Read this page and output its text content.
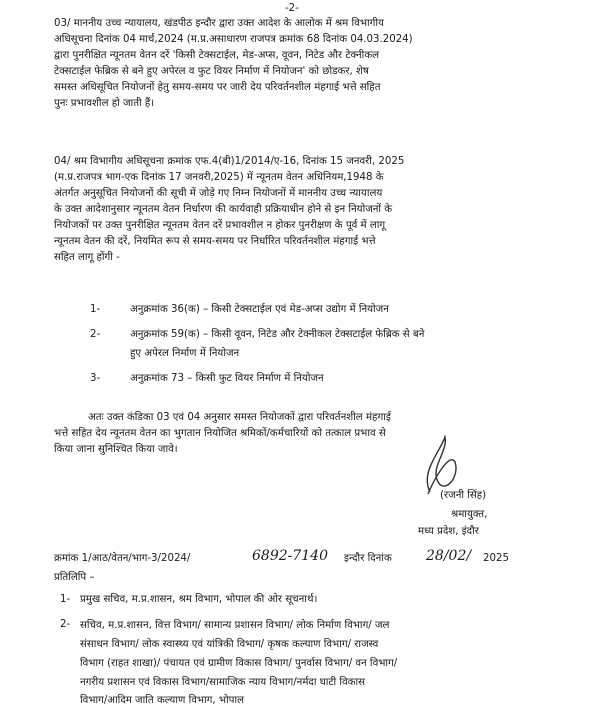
-2-
03/ माननीय उच्च न्यायालय, खंडपीठ इन्दौर द्वारा उक्त आदेश के आलोक में श्रम विभागीय
अधिसूचना दिनांक 04 मार्च,2024 (म.प्र.असाधारण राजपत्र क्रमांक 68 दिनांक 04.03.2024)
द्वारा पुनरीक्षित न्यूनतम वेतन दरें 'किसी टेक्सटाईल, मेड-अप्स, वूवन, निटेड और टेक्नीकल
टेक्सटाईल फेब्रिक से बने हुए अपेरल व फुट वियर निर्माण में नियोजन' को छोडकर, शेष
समस्त अधिसूचित नियोजनों हेतु समय-समय पर जारी देय परिवर्तनशील मंहगाई भत्ते सहित
पुनः प्रभावशील हो जाती हैं।
04/ श्रम विभागीय अधिसूचना क्रमांक एफ.4(बी)1/2014/ए-16, दिनांक 15 जनवरी, 2025
(म.प्र.राजपत्र भाग-एक दिनांक 17 जनवरी,2025) में न्यूनतम वेतन अधिनियम,1948 के
अंतर्गत अनुसूचित नियोजनों की सूची में जोड़े गए निम्न नियोजनों में माननीय उच्च न्यायालय
के उक्त आदेशानुसार न्यूनतम वेतन निर्धारण की कार्यवाही प्रक्रियाधीन होने से इन नियोजनों के
नियोजकों पर उक्त पुनरीक्षित न्यूनतम वेतन दरें प्रभावशील न होकर पुनरीक्षण के पूर्व में लागू
न्यूनतम वेतन की दरें, नियमित रूप से समय-समय पर निर्धारित परिवर्तनशील मंहगाई भत्ते
सहित लागू होंगी -
1-	अनुक्रमांक 36(क) – किसी टेक्सटाईल एवं मेड-अप्स उद्योग में नियोजन
2-	अनुक्रमांक 59(क) – किसी वूवन, निटेड और टेक्नीकल टेक्सटाईल फेब्रिक से बने
हुए अपेरल निर्माण में नियोजन
3-	अनुक्रमांक 73 – किसी फुट वियर निर्माण में नियोजन
अतः उक्त कंडिका 03 एवं 04 अनुसार समस्त नियोजकों द्वारा परिवर्तनशील मंहगाई
भत्ते सहित देय न्यूनतम वेतन का भुगतान नियोजित श्रमिकों/कर्मचारियों को तत्काल प्रभाव से
किया जाना सुनिश्चित किया जावे।
(रजनी सिंह)
श्रमायुक्त,
मध्य प्रदेश, इंदौर
क्रमांक 1/आठ/वेतन/भाग-3/2024/	6892-7140 इन्दौर दिनांक 28/02/ 2025
प्रतिलिपि –
1- प्रमुख सचिव, म.प्र.शासन, श्रम विभाग, भोपाल की ओर सूचनार्थ।
2- सचिव, म.प्र.शासन, वित्त विभाग/ सामान्य प्रशासन विभाग/ लोक निर्माण विभाग/ जल
संसाधन विभाग/ लोक स्वास्थ्य एवं यांत्रिकी विभाग/ कृषक कल्याण विभाग/ राजस्व
विभाग (राहत शाखा)/ पंचायत एवं ग्रामीण विकास विभाग/ पुनर्वास विभाग/ वन विभाग/
नगरीय प्रशासन एवं विकास विभाग/सामाजिक न्याय विभाग/नर्मदा घाटी विकास
विभाग/आदिम जाति कल्याण विभाग, भोपाल
